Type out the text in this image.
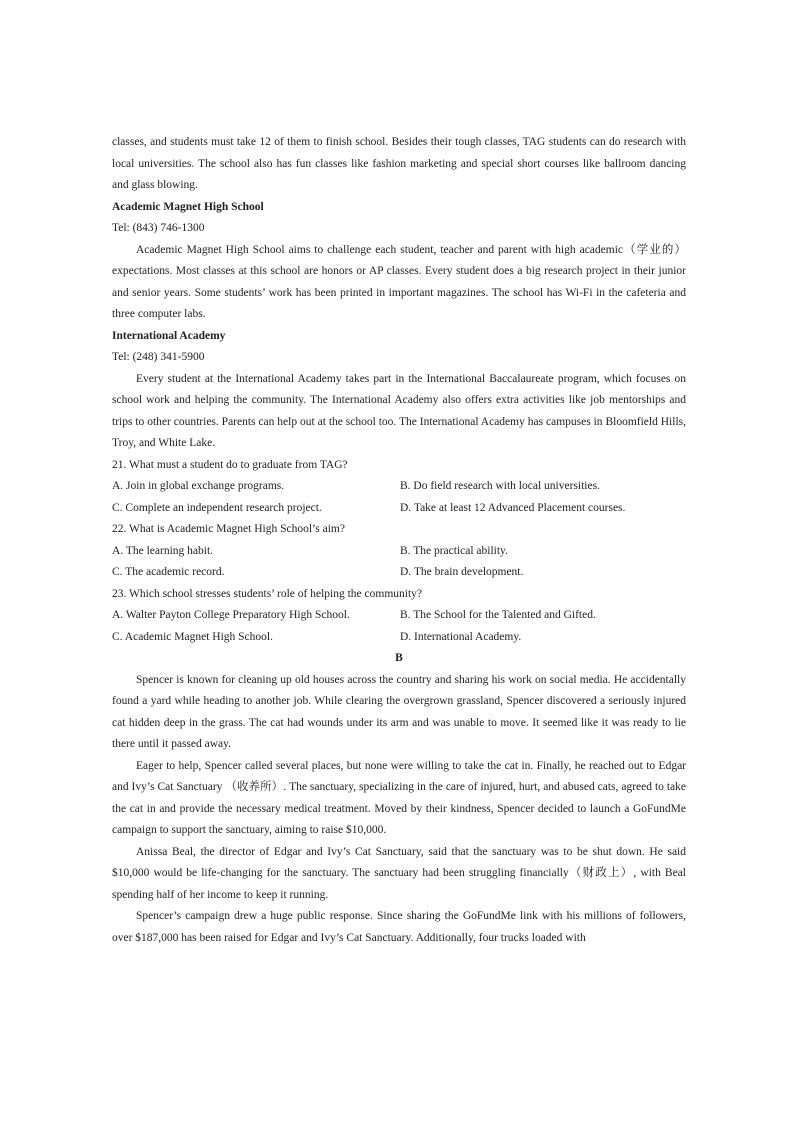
classes, and students must take 12 of them to finish school. Besides their tough classes, TAG students can do research with local universities. The school also has fun classes like fashion marketing and special short courses like ballroom dancing and glass blowing.

Academic Magnet High School

Tel: (843) 746-1300

Academic Magnet High School aims to challenge each student, teacher and parent with high academic（学业的） expectations. Most classes at this school are honors or AP classes. Every student does a big research project in their junior and senior years. Some students’ work has been printed in important magazines. The school has Wi-Fi in the cafeteria and three computer labs.

International Academy

Tel: (248) 341-5900

Every student at the International Academy takes part in the International Baccalaureate program, which focuses on school work and helping the community. The International Academy also offers extra activities like job mentorships and trips to other countries. Parents can help out at the school too. The International Academy has campuses in Bloomfield Hills, Troy, and White Lake.

21. What must a student do to graduate from TAG?

A. Join in global exchange programs.	B. Do field research with local universities.
C. Complete an independent research project.	D. Take at least 12 Advanced Placement courses.

22. What is Academic Magnet High School’s aim?

A. The learning habit.	B. The practical ability.
C. The academic record.	D. The brain development.

23. Which school stresses students’ role of helping the community?

A. Walter Payton College Preparatory High School.	B. The School for the Talented and Gifted.
C. Academic Magnet High School.	D. International Academy.

B

Spencer is known for cleaning up old houses across the country and sharing his work on social media. He accidentally found a yard while heading to another job. While clearing the overgrown grassland, Spencer discovered a seriously injured cat hidden deep in the grass. The cat had wounds under its arm and was unable to move. It seemed like it was ready to lie there until it passed away.

Eager to help, Spencer called several places, but none were willing to take the cat in. Finally, he reached out to Edgar and Ivy’s Cat Sanctuary （收养所）. The sanctuary, specializing in the care of injured, hurt, and abused cats, agreed to take the cat in and provide the necessary medical treatment. Moved by their kindness, Spencer decided to launch a GoFundMe campaign to support the sanctuary, aiming to raise $10,000.

Anissa Beal, the director of Edgar and Ivy’s Cat Sanctuary, said that the sanctuary was to be shut down. He said $10,000 would be life-changing for the sanctuary. The sanctuary had been struggling financially（财政上）, with Beal spending half of her income to keep it running.

Spencer’s campaign drew a huge public response. Since sharing the GoFundMe link with his millions of followers, over $187,000 has been raised for Edgar and Ivy’s Cat Sanctuary. Additionally, four trucks loaded with
